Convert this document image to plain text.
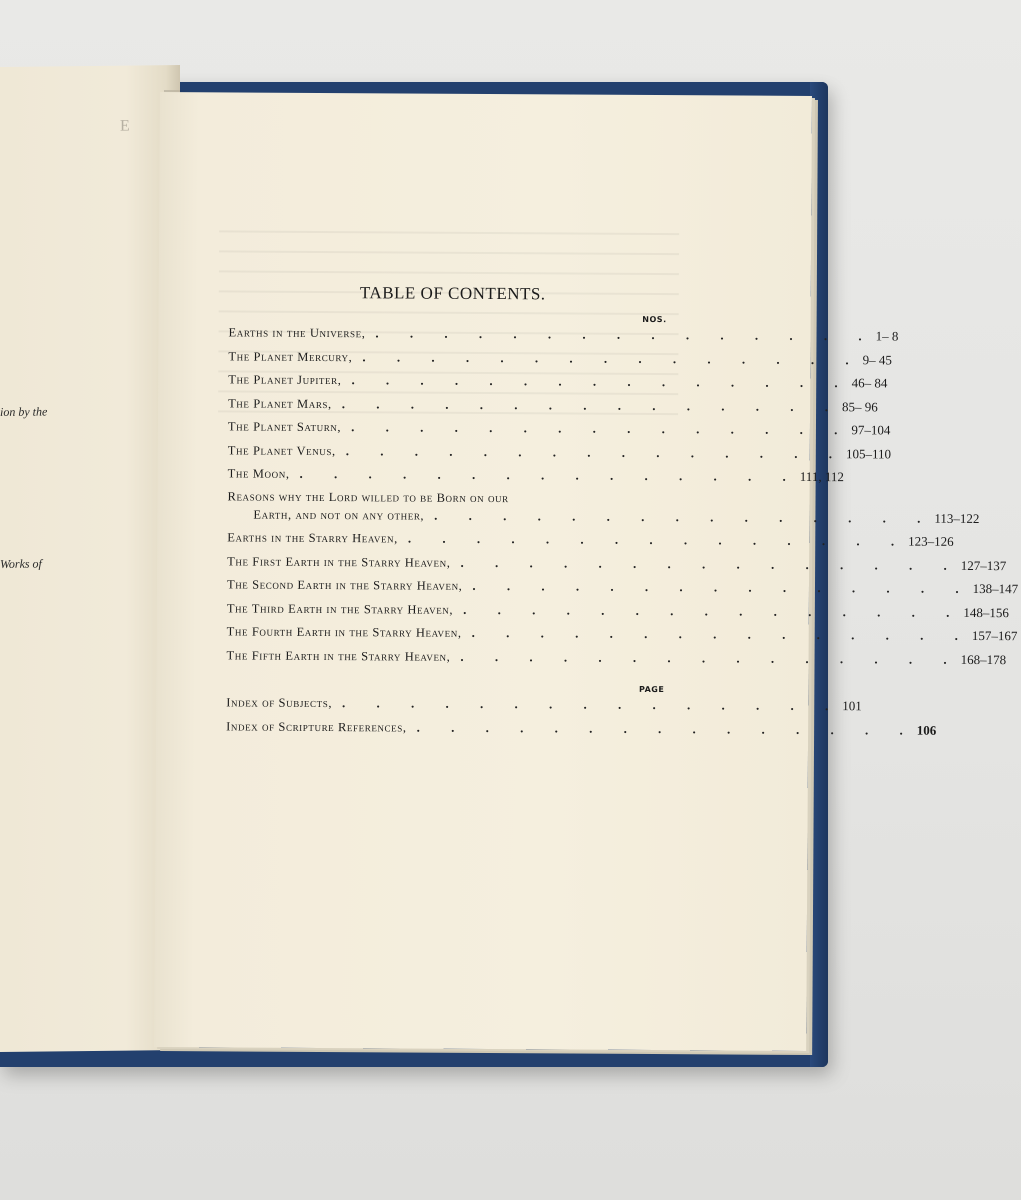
E
ion by the
Works of
TABLE OF CONTENTS.
NOS.
Earths in the Universe, . . . . . . . . . . . . . . . 1– 8
The Planet Mercury, . . . . . . . . . . . . . . . 9– 45
The Planet Jupiter, . . . . . . . . . . . . . . . 46– 84
The Planet Mars, . . . . . . . . . . . . . . . 85– 96
The Planet Saturn, . . . . . . . . . . . . . . . 97–104
The Planet Venus, . . . . . . . . . . . . . . . 105–110
The Moon, . . . . . . . . . . . . . . . 111, 112
Reasons why the Lord willed to be Born on our
Earth, and not on any other, . . . . . . . . . . . . . . . 113–122
Earths in the Starry Heaven, . . . . . . . . . . . . . . . 123–126
The First Earth in the Starry Heaven, . . . . . . . . . . . . . . . 127–137
The Second Earth in the Starry Heaven, . . . . . . . . . . . . . . . 138–147
The Third Earth in the Starry Heaven, . . . . . . . . . . . . . . . 148–156
The Fourth Earth in the Starry Heaven, . . . . . . . . . . . . . . . 157–167
The Fifth Earth in the Starry Heaven, . . . . . . . . . . . . . . . 168–178
PAGE
Index of Subjects, . . . . . . . . . . . . . . . 101
Index of Scripture References, . . . . . . . . . . . . . . . 106
